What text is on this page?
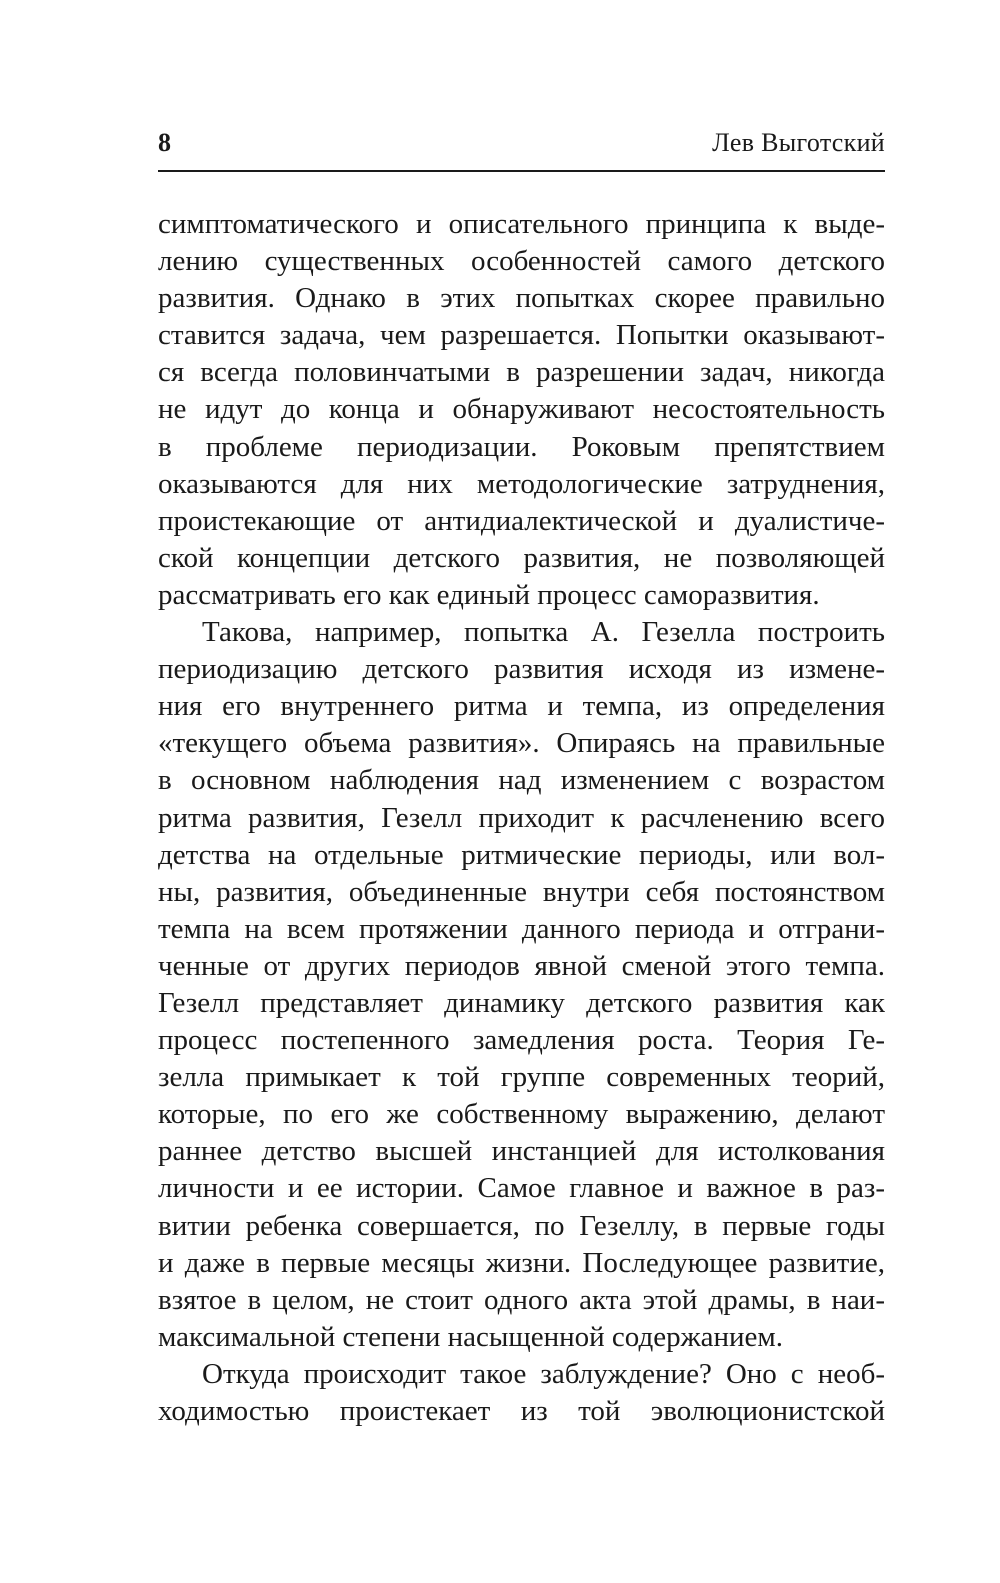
8	Лев Выготский
симптоматического и описательного принципа к выде-
лению существенных особенностей самого детского
развития. Однако в этих попытках скорее правильно
ставится задача, чем разрешается. Попытки оказывают-
ся всегда половинчатыми в разрешении задач, никогда
не идут до конца и обнаруживают несостоятельность
в проблеме периодизации. Роковым препятствием
оказываются для них методологические затруднения,
проистекающие от антидиалектической и дуалистиче-
ской концепции детского развития, не позволяющей
рассматривать его как единый процесс саморазвития.
Такова, например, попытка А. Гезелла построить
периодизацию детского развития исходя из измене-
ния его внутреннего ритма и темпа, из определения
«текущего объема развития». Опираясь на правильные
в основном наблюдения над изменением с возрастом
ритма развития, Гезелл приходит к расчленению всего
детства на отдельные ритмические периоды, или вол-
ны, развития, объединенные внутри себя постоянством
темпа на всем протяжении данного периода и отграни-
ченные от других периодов явной сменой этого темпа.
Гезелл представляет динамику детского развития как
процесс постепенного замедления роста. Теория Ге-
зелла примыкает к той группе современных теорий,
которые, по его же собственному выражению, делают
раннее детство высшей инстанцией для истолкования
личности и ее истории. Самое главное и важное в раз-
витии ребенка совершается, по Гезеллу, в первые годы
и даже в первые месяцы жизни. Последующее развитие,
взятое в целом, не стоит одного акта этой драмы, в наи-
максимальной степени насыщенной содержанием.
Откуда происходит такое заблуждение? Оно с необ-
ходимостью проистекает из той эволюционистской
